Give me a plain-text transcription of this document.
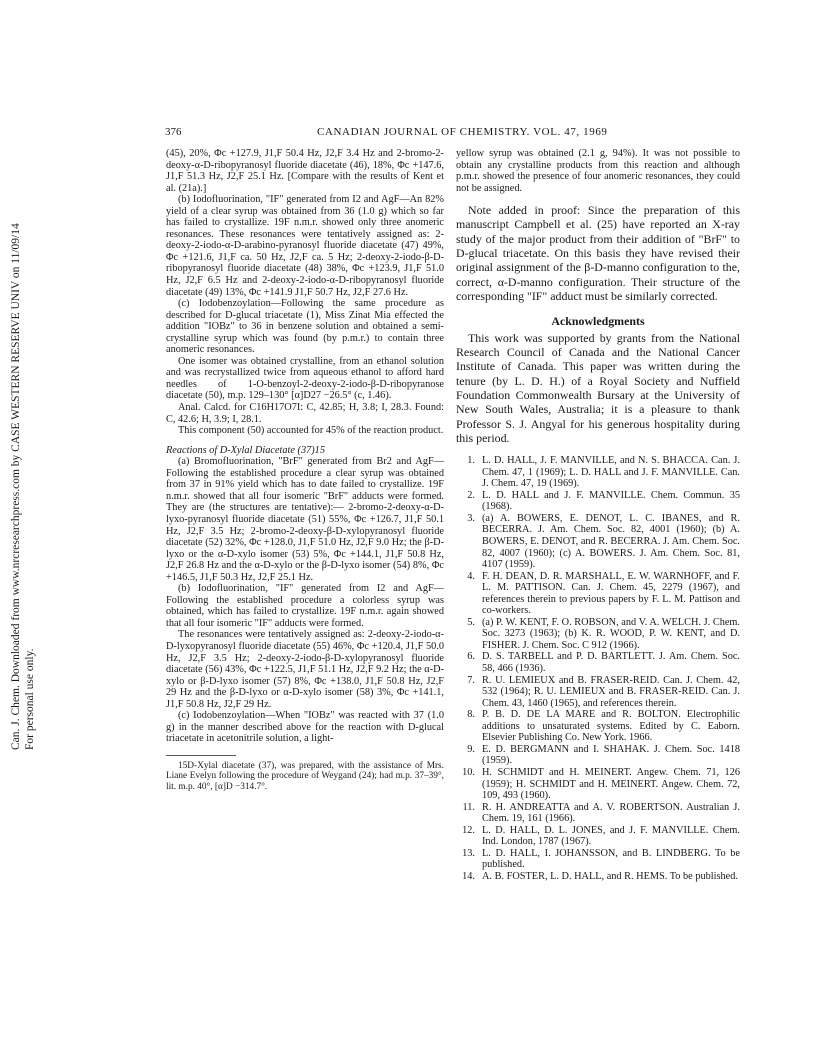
Can. J. Chem. Downloaded from www.nrcresearchpress.com by CASE WESTERN RESERVE UNIV on 11/09/14 For personal use only.
376	CANADIAN JOURNAL OF CHEMISTRY. VOL. 47, 1969

(45), 20%, Φc +127.9, J1,F 50.4 Hz, J2,F 3.4 Hz and 2-bromo-2-deoxy-α-D-ribopyranosyl fluoride diacetate (46), 18%, Φc +147.6, J1,F 51.3 Hz, J2,F 25.1 Hz. [Compare with the results of Kent et al. (21a).]

(b) Iodofluorination, "IF" generated from I2 and AgF—An 82% yield of a clear syrup was obtained from 36 (1.0 g) which so far has failed to crystallize. 19F n.m.r. showed only three anomeric resonances. These resonances were tentatively assigned as: 2-deoxy-2-iodo-α-D-arabino-pyranosyl fluoride diacetate (47) 49%, Φc +121.6, J1,F ca. 50 Hz, J2,F ca. 5 Hz; 2-deoxy-2-iodo-β-D-ribopyranosyl fluoride diacetate (48) 38%, Φc +123.9, J1,F 51.0 Hz, J2,F 6.5 Hz and 2-deoxy-2-iodo-α-D-ribopyranosyl fluoride diacetate (49) 13%, Φc +141.9 J1,F 50.7 Hz, J2,F 27.6 Hz.

(c) Iodobenzoylation—Following the same procedure as described for D-glucal triacetate (1), Miss Zinat Mia effected the addition "IOBz" to 36 in benzene solution and obtained a semi-crystalline syrup which was found (by p.m.r.) to contain three anomeric resonances.

One isomer was obtained crystalline, from an ethanol solution and was recrystallized twice from aqueous ethanol to afford hard needles of 1-O-benzoyl-2-deoxy-2-iodo-β-D-ribopyranose diacetate (50), m.p. 129–130° [α]D27 −26.5° (c, 1.46).

Anal. Calcd. for C16H17O7I: C, 42.85; H, 3.8; I, 28.3. Found: C, 42.6; H, 3.9; I, 28.1.

This component (50) accounted for 45% of the reaction product.

Reactions of D-Xylal Diacetate (37)15

(a) Bromofluorination, "BrF" generated from Br2 and AgF—Following the established procedure a clear syrup was obtained from 37 in 91% yield which has to date failed to crystallize. 19F n.m.r. showed that all four isomeric "BrF" adducts were formed. They are (the structures are tentative):— 2-bromo-2-deoxy-α-D-lyxo-pyranosyl fluoride diacetate (51) 55%, Φc +126.7, J1,F 50.1 Hz, J2,F 3.5 Hz; 2-bromo-2-deoxy-β-D-xylopyranosyl fluoride diacetate (52) 32%, Φc +128.0, J1,F 51.0 Hz, J2,F 9.0 Hz; the β-D-lyxo or the α-D-xylo isomer (53) 5%, Φc +144.1, J1,F 50.8 Hz, J2,F 26.8 Hz and the α-D-xylo or the β-D-lyxo isomer (54) 8%, Φc +146.5, J1,F 50.3 Hz, J2,F 25.1 Hz.

(b) Iodofluorination, "IF" generated from I2 and AgF—Following the established procedure a colorless syrup was obtained, which has failed to crystallize. 19F n.m.r. again showed that all four isomeric "IF" adducts were formed.

The resonances were tentatively assigned as: 2-deoxy-2-iodo-α-D-lyxopyranosyl fluoride diacetate (55) 46%, Φc +120.4, J1,F 50.0 Hz, J2,F 3.5 Hz; 2-deoxy-2-iodo-β-D-xylopyranosyl fluoride diacetate (56) 43%, Φc +122.5, J1,F 51.1 Hz, J2,F 9.2 Hz; the α-D-xylo or β-D-lyxo isomer (57) 8%, Φc +138.0, J1,F 50.8 Hz, J2,F 29 Hz and the β-D-lyxo or α-D-xylo isomer (58) 3%, Φc +141.1, J1,F 50.8 Hz, J2,F 29 Hz.

(c) Iodobenzoylation—When "IOBz" was reacted with 37 (1.0 g) in the manner described above for the reaction with D-glucal triacetate in acetonitrile solution, a light-

15D-Xylal diacetate (37), was prepared, with the assistance of Mrs. Liane Evelyn following the procedure of Weygand (24); had m.p. 37–39°, lit. m.p. 40°, [α]D −314.7°.

yellow syrup was obtained (2.1 g, 94%). It was not possible to obtain any crystalline products from this reaction and although p.m.r. showed the presence of four anomeric resonances, they could not be assigned.

Note added in proof: Since the preparation of this manuscript Campbell et al. (25) have reported an X-ray study of the major product from their addition of "BrF" to D-glucal triacetate. On this basis they have revised their original assignment of the β-D-manno configuration to the, correct, α-D-manno configuration. Their structure of the corresponding "IF" adduct must be similarly corrected.

Acknowledgments

This work was supported by grants from the National Research Council of Canada and the National Cancer Institute of Canada. This paper was written during the tenure (by L. D. H.) of a Royal Society and Nuffield Foundation Commonwealth Bursary at the University of New South Wales, Australia; it is a pleasure to thank Professor S. J. Angyal for his generous hospitality during this period.

1. L. D. HALL, J. F. MANVILLE, and N. S. BHACCA. Can. J. Chem. 47, 1 (1969); L. D. HALL and J. F. MANVILLE. Can. J. Chem. 47, 19 (1969).
2. L. D. HALL and J. F. MANVILLE. Chem. Commun. 35 (1968).
3. (a) A. BOWERS, E. DENOT, L. C. IBANES, and R. BECERRA. J. Am. Chem. Soc. 82, 4001 (1960); (b) A. BOWERS, E. DENOT, and R. BECERRA. J. Am. Chem. Soc. 82, 4007 (1960); (c) A. BOWERS. J. Am. Chem. Soc. 81, 4107 (1959).
4. F. H. DEAN, D. R. MARSHALL, E. W. WARNHOFF, and F. L. M. PATTISON. Can. J. Chem. 45, 2279 (1967), and references therein to previous papers by F. L. M. Pattison and co-workers.
5. (a) P. W. KENT, F. O. ROBSON, and V. A. WELCH. J. Chem. Soc. 3273 (1963); (b) K. R. WOOD, P. W. KENT, and D. FISHER. J. Chem. Soc. C 912 (1966).
6. D. S. TARBELL and P. D. BARTLETT. J. Am. Chem. Soc. 58, 466 (1936).
7. R. U. LEMIEUX and B. FRASER-REID. Can. J. Chem. 42, 532 (1964); R. U. LEMIEUX and B. FRASER-REID. Can. J. Chem. 43, 1460 (1965), and references therein.
8. P. B. D. DE LA MARE and R. BOLTON. Electrophilic additions to unsaturated systems. Edited by C. Eaborn. Elsevier Publishing Co. New York. 1966.
9. E. D. BERGMANN and I. SHAHAK. J. Chem. Soc. 1418 (1959).
10. H. SCHMIDT and H. MEINERT. Angew. Chem. 71, 126 (1959); H. SCHMIDT and H. MEINERT. Angew. Chem. 72, 109, 493 (1960).
11. R. H. ANDREATTA and A. V. ROBERTSON. Australian J. Chem. 19, 161 (1966).
12. L. D. HALL, D. L. JONES, and J. F. MANVILLE. Chem. Ind. London, 1787 (1967).
13. L. D. HALL, I. JOHANSSON, and B. LINDBERG. To be published.
14. A. B. FOSTER, L. D. HALL, and R. HEMS. To be published.
